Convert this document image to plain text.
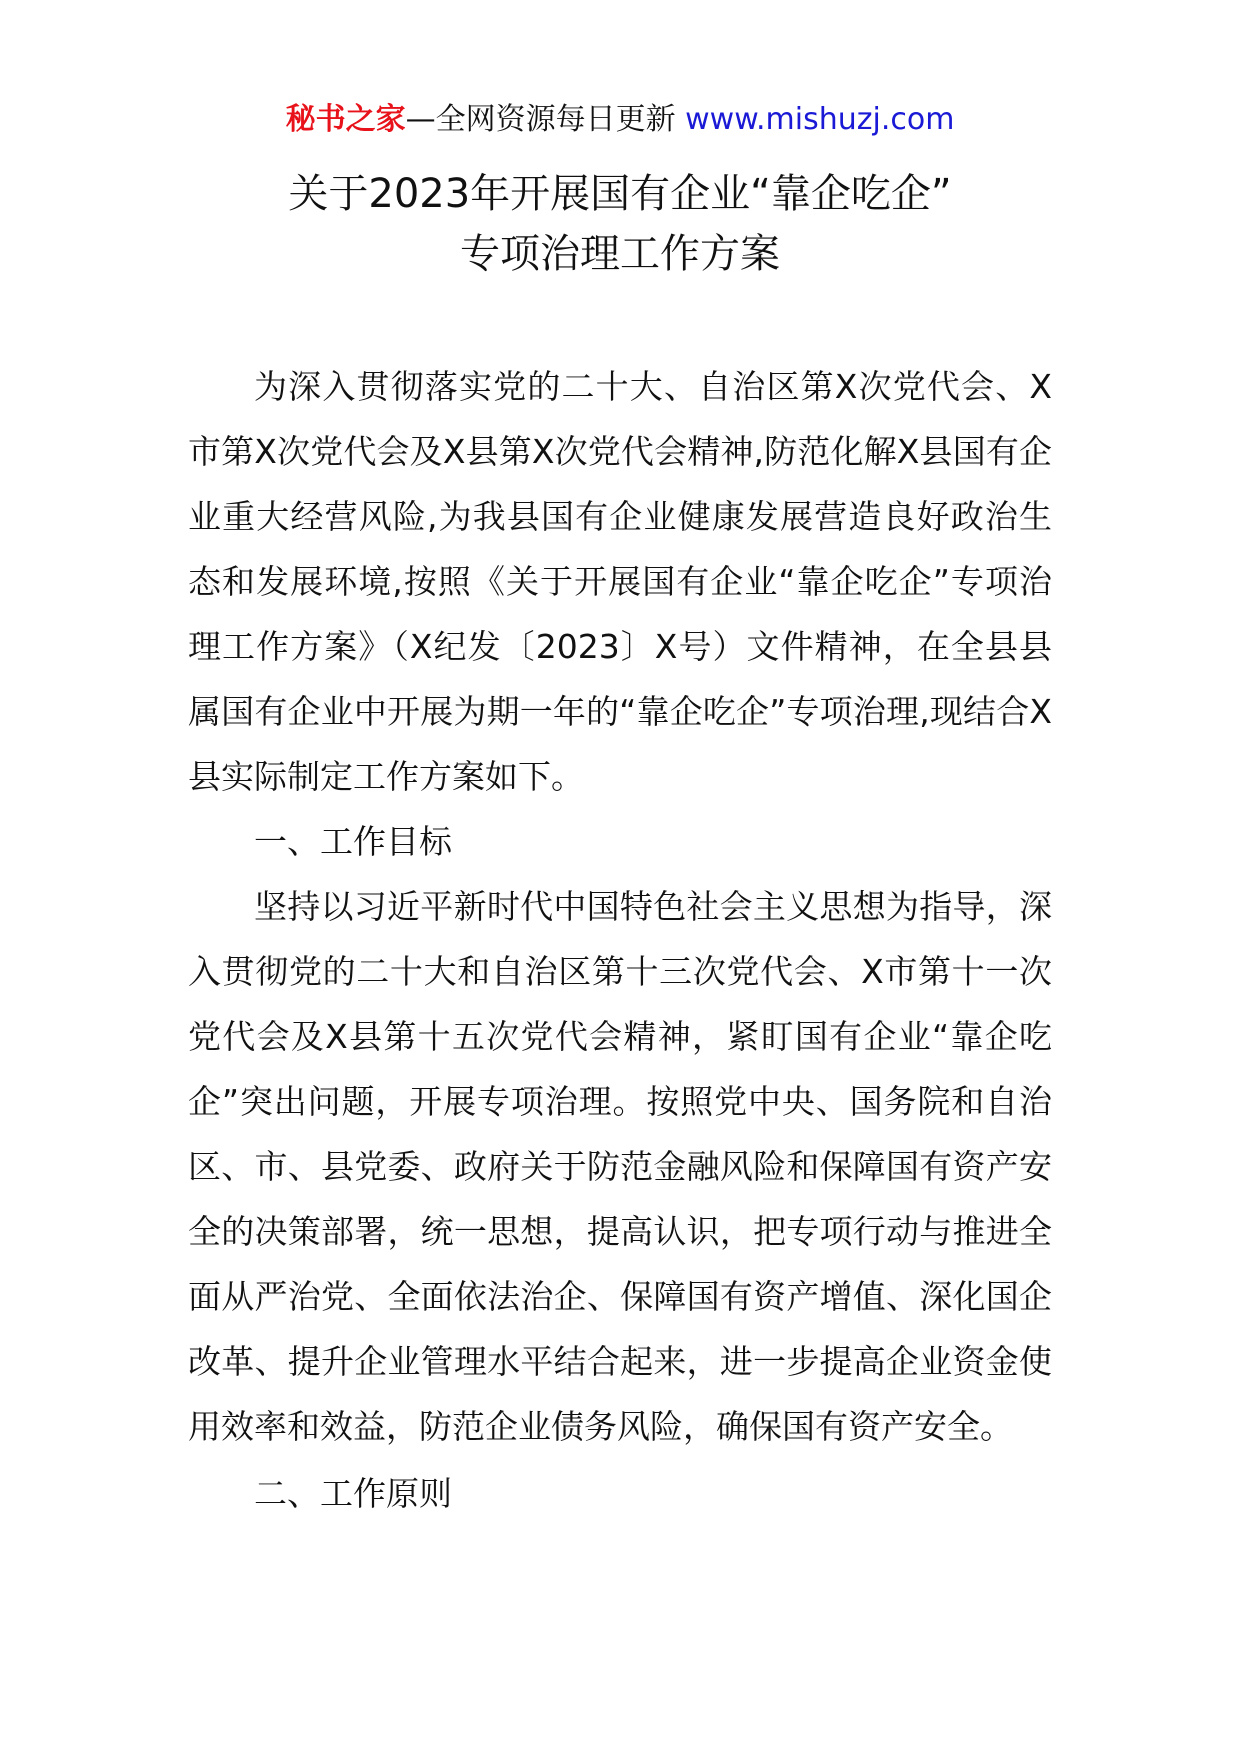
秘书之家—全网资源每日更新 www.mishuzj.com
关于2023年开展国有企业“靠企吃企”
专项治理工作方案

为深入贯彻落实党的二十大、自治区第Ⅹ次党代会、Ⅹ市第Ⅹ次党代会及Ⅹ县第Ⅹ次党代会精神,防范化解Ⅹ县国有企业重大经营风险,为我县国有企业健康发展营造良好政治生态和发展环境,按照《关于开展国有企业“靠企吃企”专项治理工作方案》（Ⅹ纪发〔2023〕Ⅹ号）文件精神，在全县县属国有企业中开展为期一年的“靠企吃企”专项治理,现结合Ⅹ县实际制定工作方案如下。

一、工作目标

坚持以习近平新时代中国特色社会主义思想为指导，深入贯彻党的二十大和自治区第十三次党代会、Ⅹ市第十一次党代会及Ⅹ县第十五次党代会精神，紧盯国有企业“靠企吃企”突出问题，开展专项治理。按照党中央、国务院和自治区、市、县党委、政府关于防范金融风险和保障国有资产安全的决策部署，统一思想，提高认识，把专项行动与推进全面从严治党、全面依法治企、保障国有资产增值、深化国企改革、提升企业管理水平结合起来，进一步提高企业资金使用效率和效益，防范企业债务风险，确保国有资产安全。

二、工作原则
